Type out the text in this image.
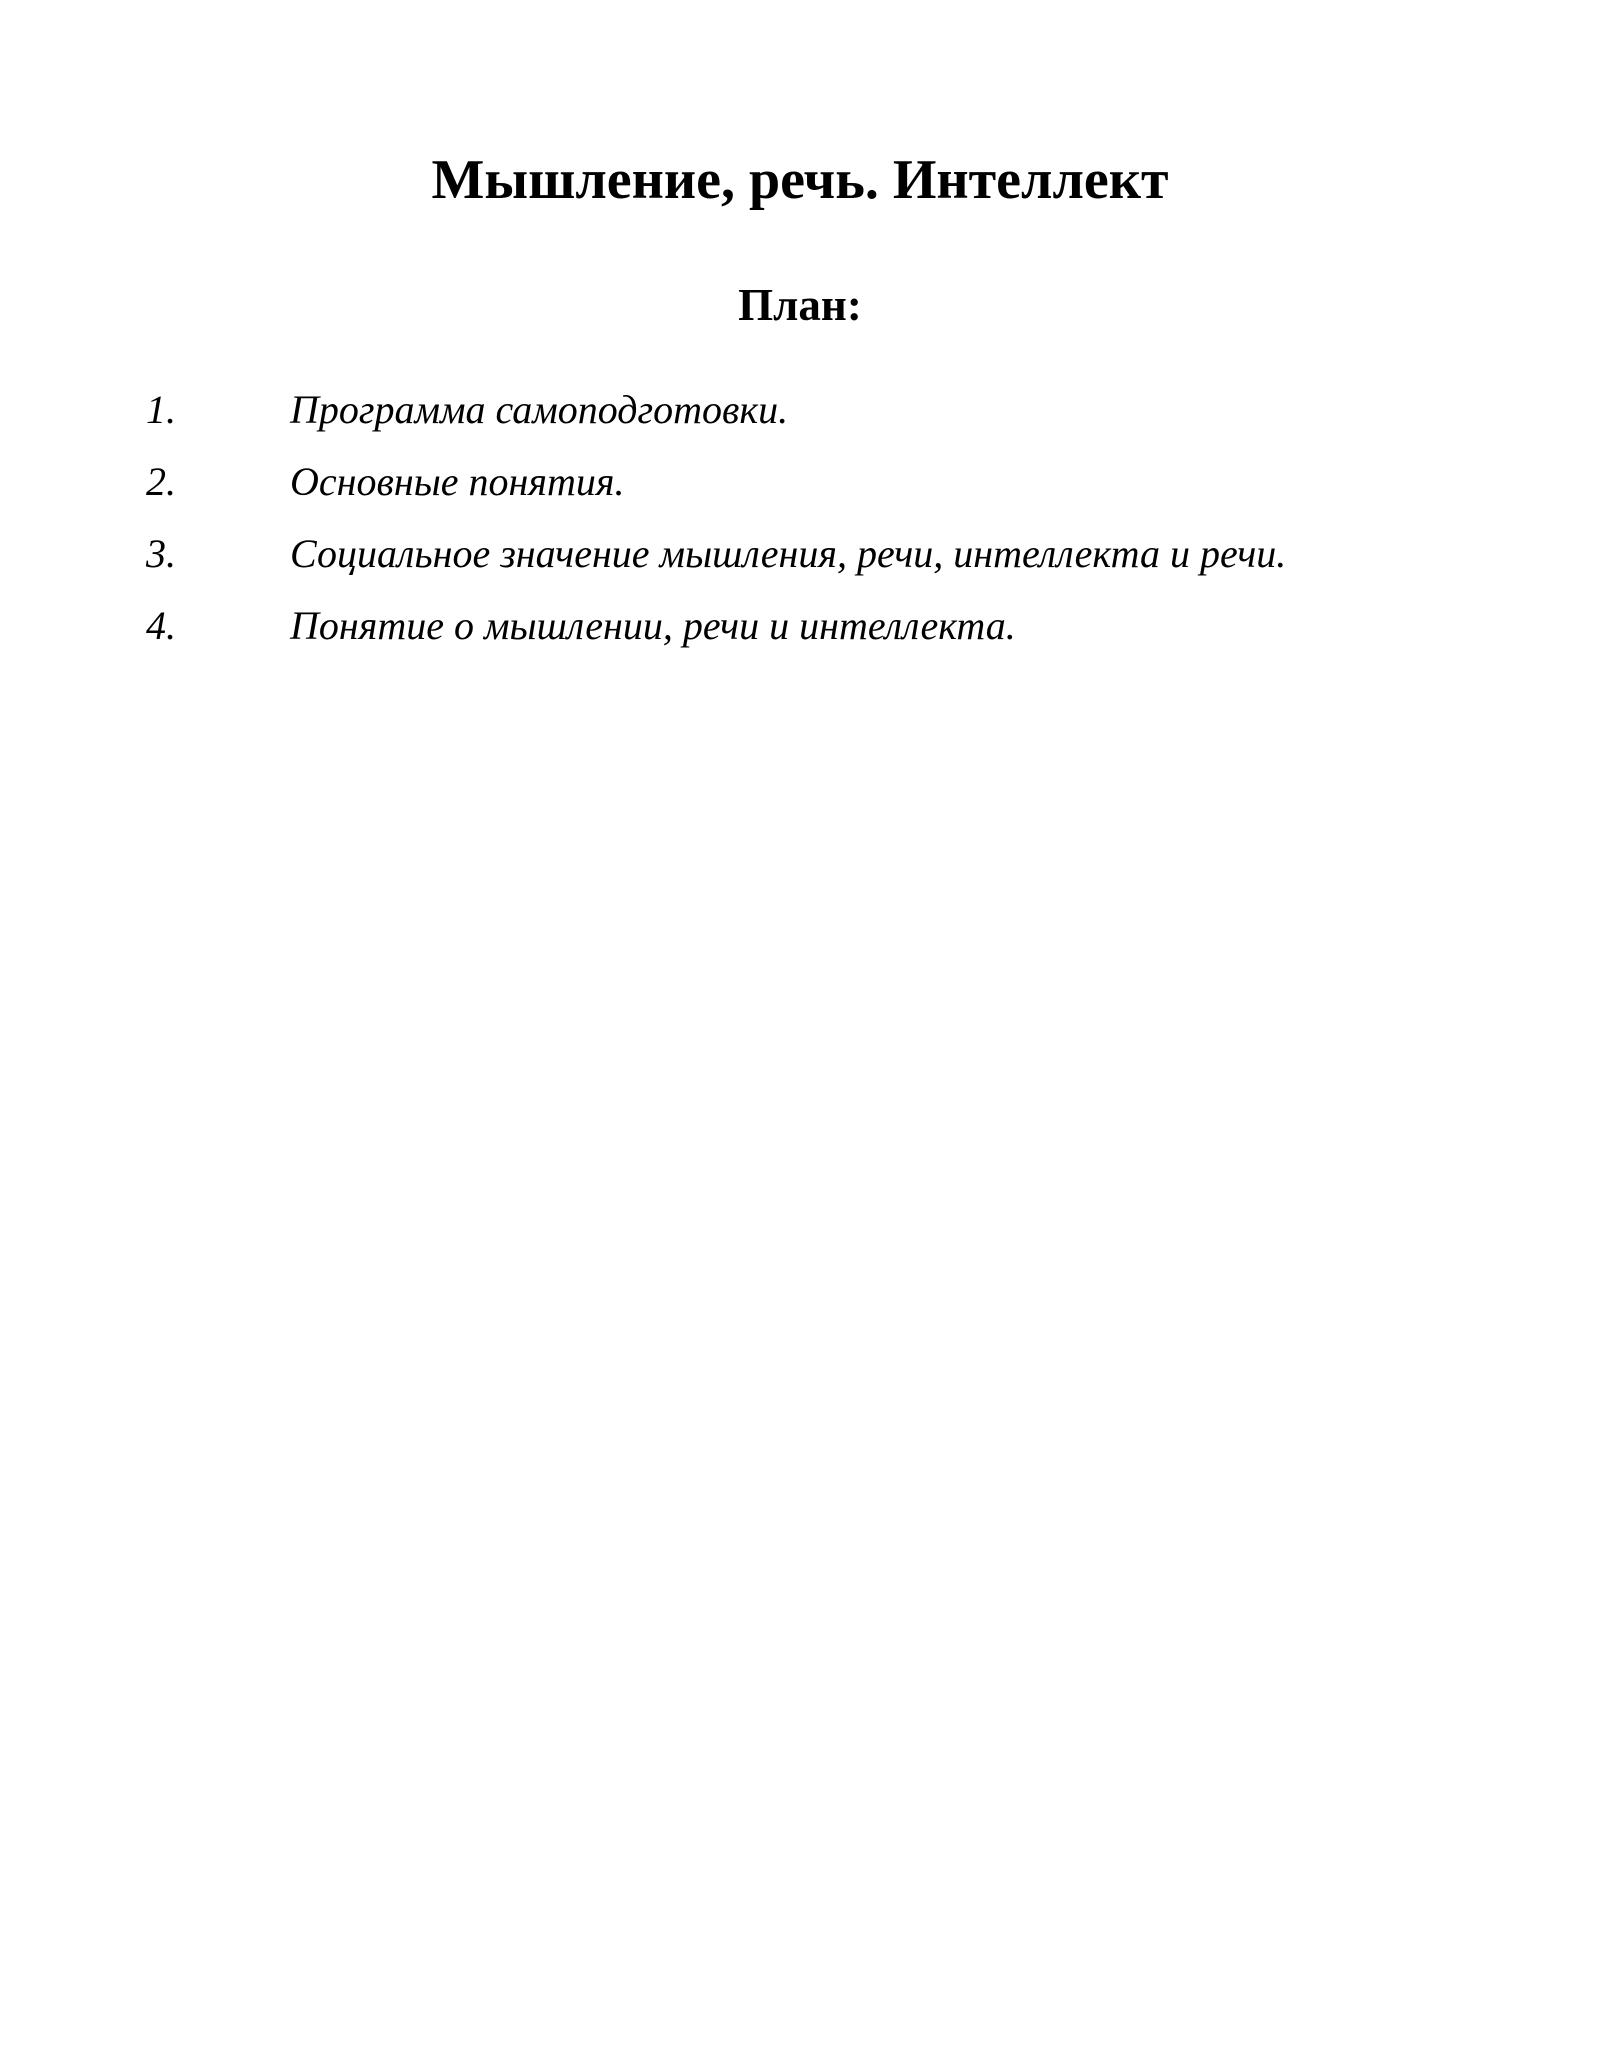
Мышление, речь. Интеллект
План:
1.	Программа самоподготовки.
2.	Основные понятия.
3.	Социальное значение мышления, речи, интеллекта и речи.
4.	Понятие о мышлении, речи и интеллекта.
